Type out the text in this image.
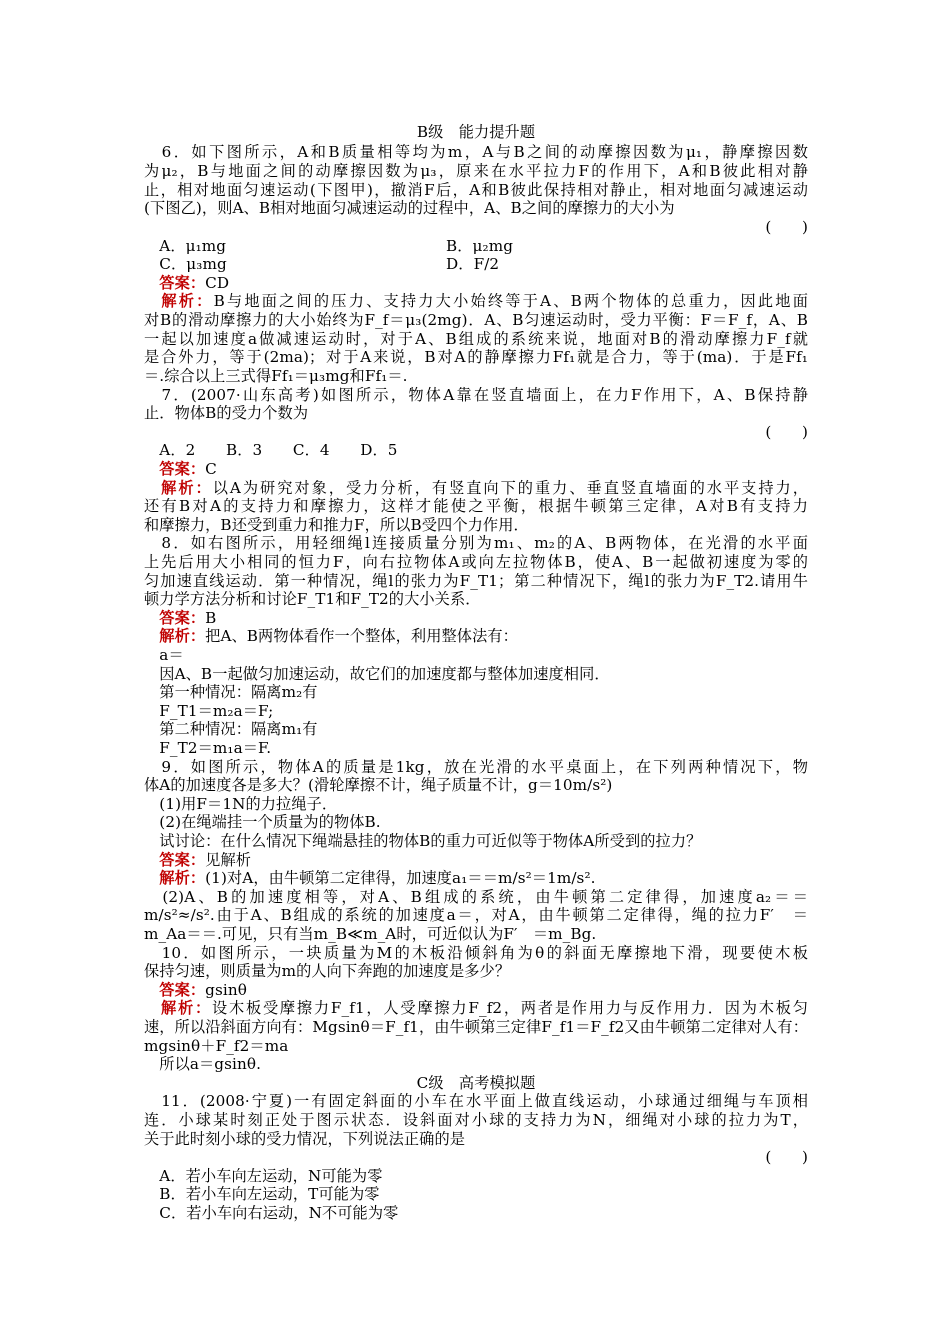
B级　能力提升题
　6．如下图所示，A和B质量相等均为m，A与B之间的动摩擦因数为μ₁，静摩擦因数
为μ₂，B与地面之间的动摩擦因数为μ₃，原来在水平拉力F的作用下，A和B彼此相对静
止，相对地面匀速运动(下图甲)，撤消F后，A和B彼此保持相对静止，相对地面匀减速运动
(下图乙)，则A、B相对地面匀减速运动的过程中，A、B之间的摩擦力的大小为
(　　)
　A．μ₁mg	B．μ₂mg
　C．μ₃mg	D．F/2
　答案：CD
　解析：B与地面之间的压力、支持力大小始终等于A、B两个物体的总重力，因此地面
对B的滑动摩擦力的大小始终为F_f＝μ₃(2mg)．A、B匀速运动时，受力平衡：F＝F_f，A、B
一起以加速度a做减速运动时，对于A、B组成的系统来说，地面对B的滑动摩擦力F_f就
是合外力，等于(2ma)；对于A来说，B对A的静摩擦力Ff₁就是合力，等于(ma)．于是Ff₁
＝.综合以上三式得Ff₁＝μ₃mg和Ff₁＝.
　7．(2007·山东高考)如图所示，物体A靠在竖直墙面上，在力F作用下，A、B保持静
止．物体B的受力个数为
(　　)
　A．2　　B．3　　C．4　　D．5
　答案：C
　解析：以A为研究对象，受力分析，有竖直向下的重力、垂直竖直墙面的水平支持力，
还有B对A的支持力和摩擦力，这样才能使之平衡，根据牛顿第三定律，A对B有支持力
和摩擦力，B还受到重力和推力F，所以B受四个力作用．
　8．如右图所示，用轻细绳l连接质量分别为m₁、m₂的A、B两物体，在光滑的水平面
上先后用大小相同的恒力F，向右拉物体A或向左拉物体B，使A、B一起做初速度为零的
匀加速直线运动．第一种情况，绳l的张力为F_T1；第二种情况下，绳l的张力为F_T2.请用牛
顿力学方法分析和讨论F_T1和F_T2的大小关系．
　答案：B
　解析：把A、B两物体看作一个整体，利用整体法有：
　a＝
　因A、B一起做匀加速运动，故它们的加速度都与整体加速度相同．
　第一种情况：隔离m₂有
　F_T1＝m₂a＝F;
　第二种情况：隔离m₁有
　F_T2＝m₁a＝F.
　9．如图所示，物体A的质量是1kg，放在光滑的水平桌面上，在下列两种情况下，物
体A的加速度各是多大？(滑轮摩擦不计，绳子质量不计，g＝10m/s²)
　(1)用F＝1N的力拉绳子．
　(2)在绳端挂一个质量为的物体B.
　试讨论：在什么情况下绳端悬挂的物体B的重力可近似等于物体A所受到的拉力？
　答案：见解析
　解析：(1)对A，由牛顿第二定律得，加速度a₁＝＝m/s²＝1m/s².
　(2)A、B的加速度相等，对A、B组成的系统，由牛顿第二定律得，加速度a₂＝＝
m/s²≈/s².由于A、B组成的系统的加速度a＝，对A，由牛顿第二定律得，绳的拉力F′　＝
m_Aa＝＝.可见，只有当m_B≪m_A时，可近似认为F′　＝m_Bg.
　10．如图所示，一块质量为M的木板沿倾斜角为θ的斜面无摩擦地下滑，现要使木板
保持匀速，则质量为m的人向下奔跑的加速度是多少？
　答案：gsinθ
　解析：设木板受摩擦力F_f1，人受摩擦力F_f2，两者是作用力与反作用力．因为木板匀
速，所以沿斜面方向有：Mgsinθ＝F_f1，由牛顿第三定律F_f1＝F_f2又由牛顿第二定律对人有：
mgsinθ＋F_f2＝ma
　所以a＝gsinθ.
C级　高考模拟题
　11．(2008·宁夏)一有固定斜面的小车在水平面上做直线运动，小球通过细绳与车顶相
连．小球某时刻正处于图示状态．设斜面对小球的支持力为N，细绳对小球的拉力为T，
关于此时刻小球的受力情况，下列说法正确的是
(　　)
　A．若小车向左运动，N可能为零
　B．若小车向左运动，T可能为零
　C．若小车向右运动，N不可能为零
